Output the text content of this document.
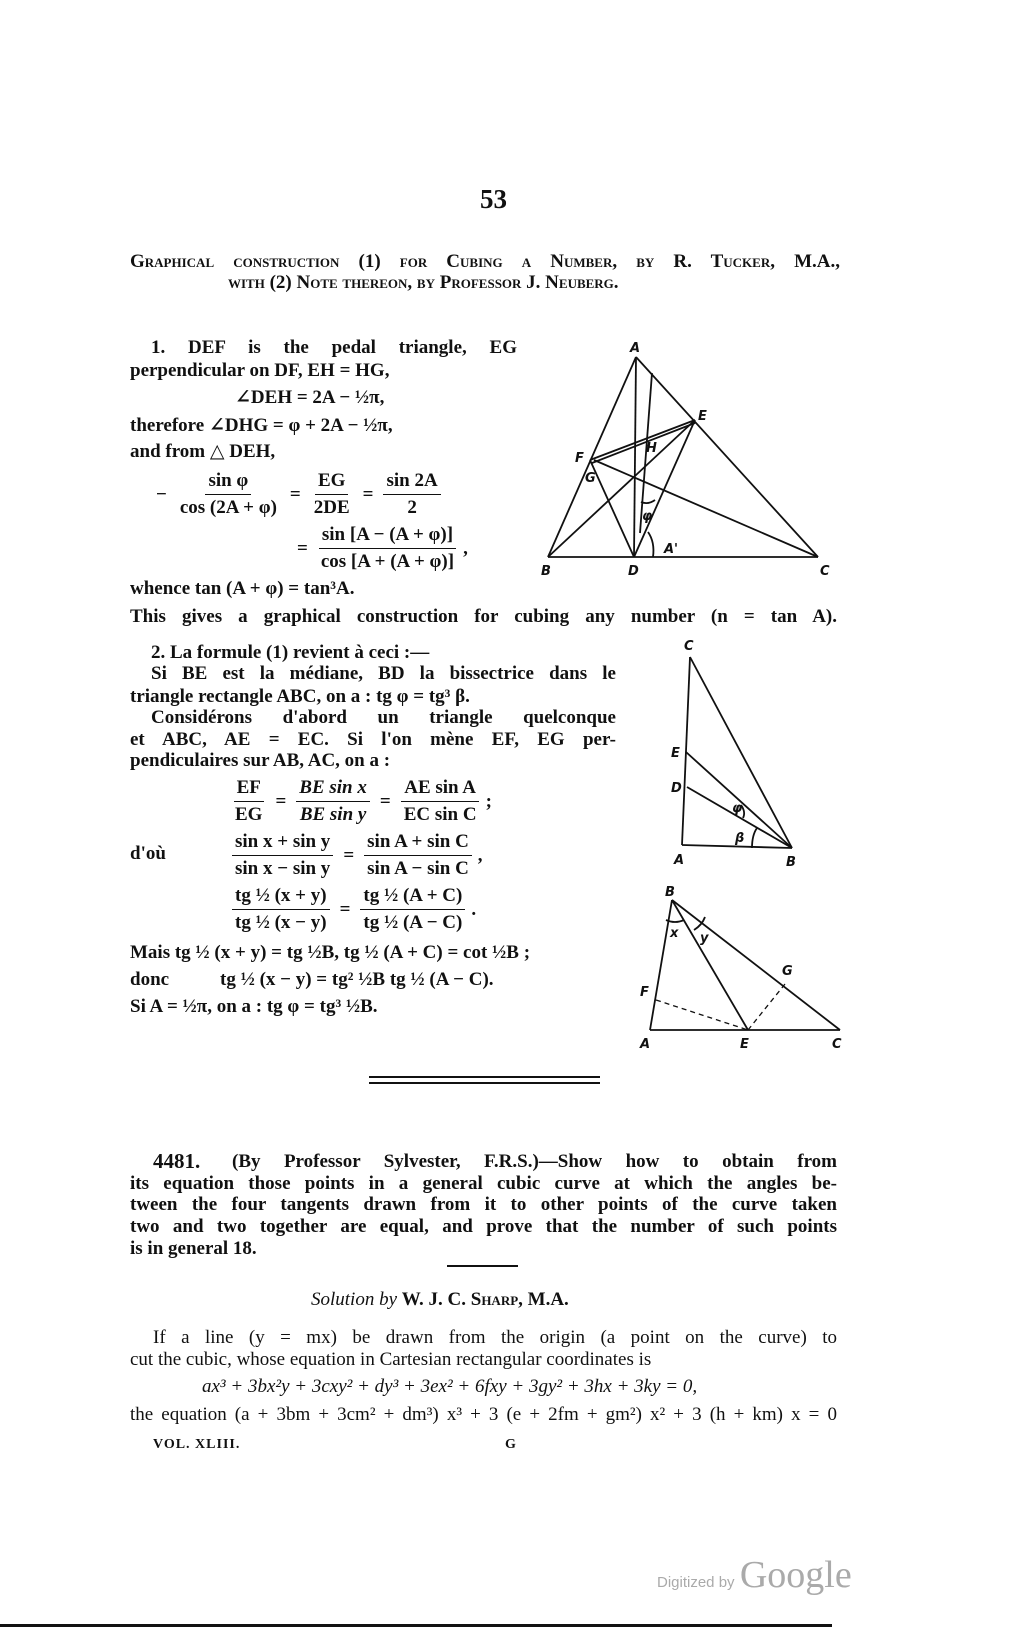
53
Graphical construction (1) for Cubing a Number, by R. Tucker, M.A.,
with (2) Note thereon, by Professor J. Neuberg.
1. DEF is the pedal triangle, EG
perpendicular on DF, EH = HG,
∠DEH = 2A − ½π,
therefore ∠DHG = φ + 2A − ½π,
and from △ DEH,
− $\frac{\text{sin φ}}{\cos (2A + \varphi)} = \frac{EG}{2DE} = \frac{\sin 2A}{2}$
= $\frac{\sin [A - (A + \varphi)]}{\cos [A + (A + \varphi)]}$ ,
whence tan (A + φ) = tan³A.
This gives a graphical construction for cubing any number (n = tan A).
2. La formule (1) revient à ceci :—
Si BE est la médiane, BD la bissectrice dans le
triangle rectangle ABC, on a : tg φ = tg³ β.
Considérons d'abord un triangle quelconque
et ABC, AE = EC. Si l'on mène EF, EG per-
pendiculaires sur AB, AC, on a :
$\frac{EF}{EG} = \frac{\text{BE sin x}}{\text{BE sin y}} = \frac{\text{AE sin A}}{\text{EC sin C}}$ ;
d'où	$\frac{\text{sin x + sin y}}{\text{sin x − sin y}} = \frac{\text{sin A + sin C}}{\text{sin A − sin C}}$ ,
$\frac{\text{tg ½ (x + y)}}{\text{tg ½ (x − y)}} = \frac{\text{tg ½ (A + C)}}{\text{tg ½ (A − C)}}$ .
Mais tg ½ (x + y) = tg ½B, tg ½ (A + C) = cot ½B ;
donc	tg ½ (x − y) = tg² ½B tg ½ (A − C).
Si A = ½π, on a : tg φ = tg³ ½B.
A
E
F
G
H
φ
A'
B	D	C
C
E
D
φ
β
A	B
B
x y
G
F
A	E	C
4481. (By Professor Sylvester, F.R.S.)—Show how to obtain from
its equation those points in a general cubic curve at which the angles be-
tween the four tangents drawn from it to other points of the curve taken
two and two together are equal, and prove that the number of such points
is in general 18.
Solution by W. J. C. Sharp, M.A.
If a line (y = mx) be drawn from the origin (a point on the curve) to
cut the cubic, whose equation in Cartesian rectangular coordinates is
ax³ + 3bx²y + 3cxy² + dy³ + 3ex² + 6fxy + 3gy² + 3hx + 3ky = 0,
the equation (a + 3bm + 3cm² + dm³) x³ + 3 (e + 2fm + gm²) x² + 3 (h + km) x = 0
VOL. XLIII.	G
Digitized by Google
